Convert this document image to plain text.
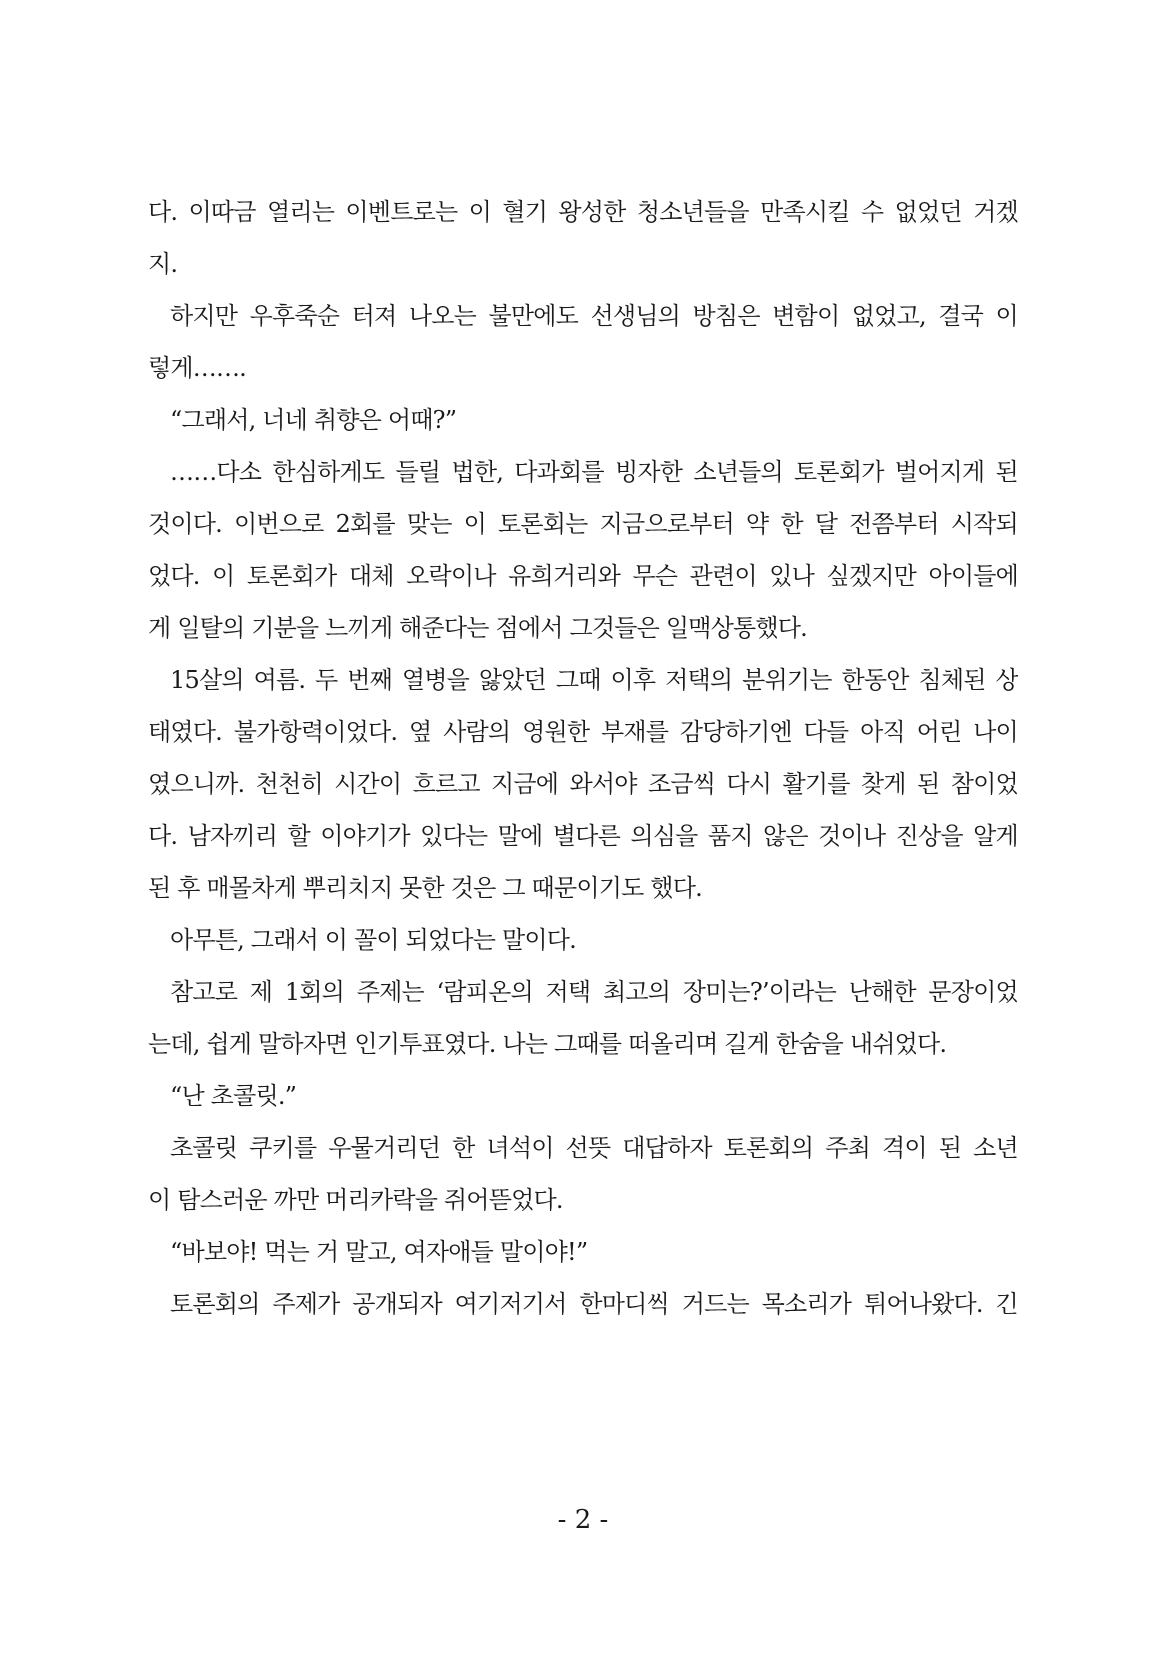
다. 이따금 열리는 이벤트로는 이 혈기 왕성한 청소년들을 만족시킬 수 없었던 거겠
지.
하지만 우후죽순 터져 나오는 불만에도 선생님의 방침은 변함이 없었고, 결국 이
렇게…….
“그래서, 너네 취향은 어때?”
……다소 한심하게도 들릴 법한, 다과회를 빙자한 소년들의 토론회가 벌어지게 된
것이다. 이번으로 2회를 맞는 이 토론회는 지금으로부터 약 한 달 전쯤부터 시작되
었다. 이 토론회가 대체 오락이나 유희거리와 무슨 관련이 있나 싶겠지만 아이들에
게 일탈의 기분을 느끼게 해준다는 점에서 그것들은 일맥상통했다.
15살의 여름. 두 번째 열병을 앓았던 그때 이후 저택의 분위기는 한동안 침체된 상
태였다. 불가항력이었다. 옆 사람의 영원한 부재를 감당하기엔 다들 아직 어린 나이
였으니까. 천천히 시간이 흐르고 지금에 와서야 조금씩 다시 활기를 찾게 된 참이었
다. 남자끼리 할 이야기가 있다는 말에 별다른 의심을 품지 않은 것이나 진상을 알게
된 후 매몰차게 뿌리치지 못한 것은 그 때문이기도 했다.
아무튼, 그래서 이 꼴이 되었다는 말이다.
참고로 제 1회의 주제는 ‘람피온의 저택 최고의 장미는?’이라는 난해한 문장이었
는데, 쉽게 말하자면 인기투표였다. 나는 그때를 떠올리며 길게 한숨을 내쉬었다.
“난 초콜릿.”
초콜릿 쿠키를 우물거리던 한 녀석이 선뜻 대답하자 토론회의 주최 격이 된 소년
이 탐스러운 까만 머리카락을 쥐어뜯었다.
“바보야! 먹는 거 말고, 여자애들 말이야!”
토론회의 주제가 공개되자 여기저기서 한마디씩 거드는 목소리가 튀어나왔다. 긴
- 2 -
